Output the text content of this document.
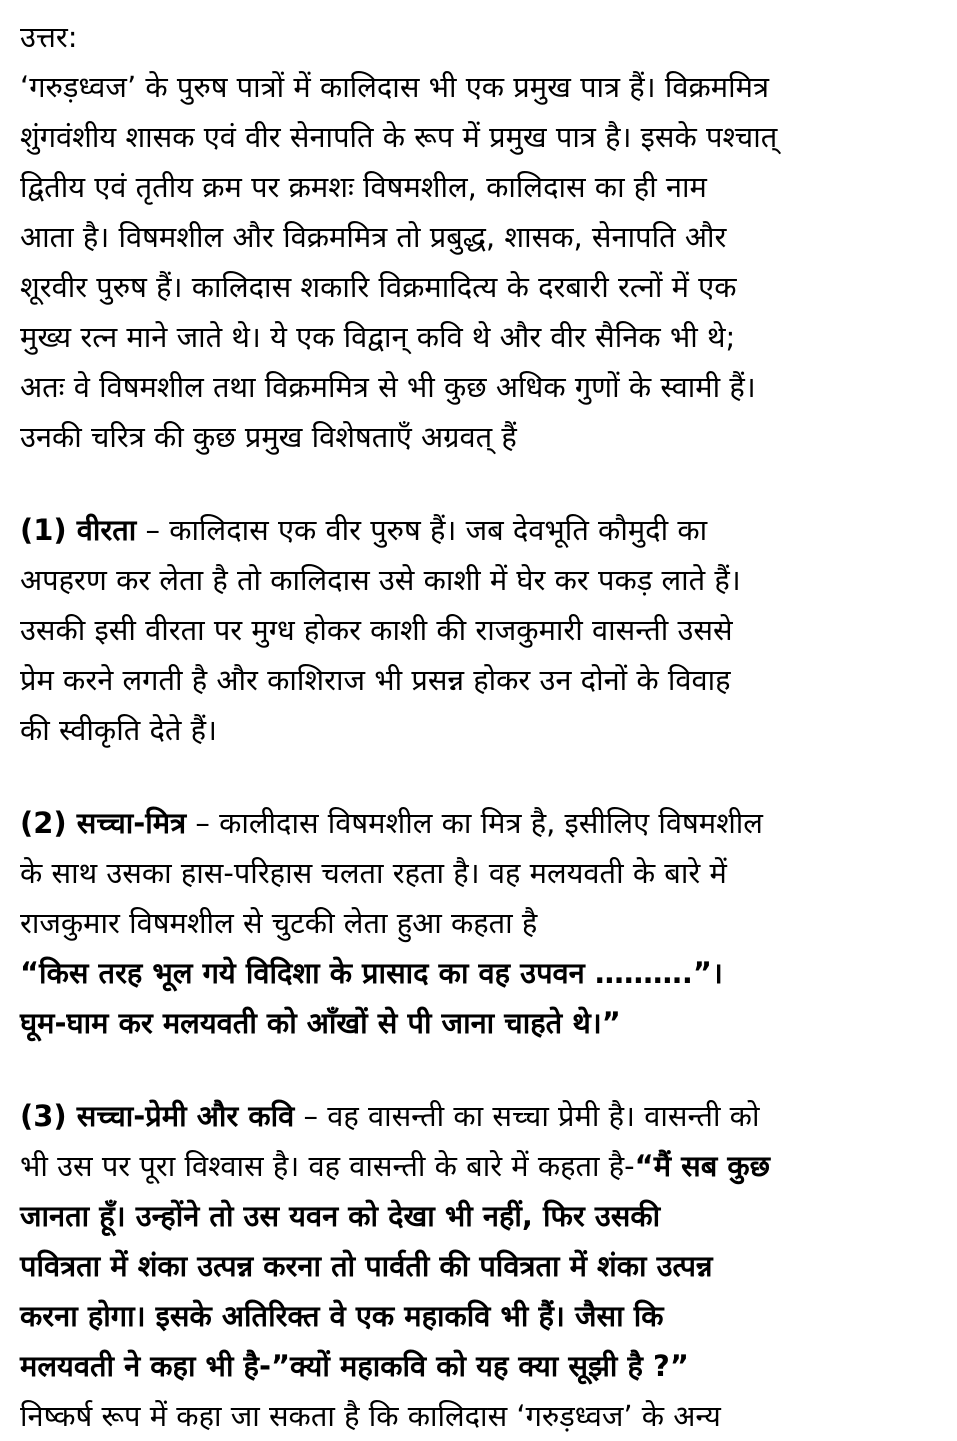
उत्तर:
‘गरुड़ध्वज’ के पुरुष पात्रों में कालिदास भी एक प्रमुख पात्र हैं। विक्रममित्र
शुंगवंशीय शासक एवं वीर सेनापति के रूप में प्रमुख पात्र है। इसके पश्चात्
द्वितीय एवं तृतीय क्रम पर क्रमशः विषमशील, कालिदास का ही नाम
आता है। विषमशील और विक्रममित्र तो प्रबुद्ध, शासक, सेनापति और
शूरवीर पुरुष हैं। कालिदास शकारि विक्रमादित्य के दरबारी रत्नों में एक
मुख्य रत्न माने जाते थे। ये एक विद्वान् कवि थे और वीर सैनिक भी थे;
अतः वे विषमशील तथा विक्रममित्र से भी कुछ अधिक गुणों के स्वामी हैं।
उनकी चरित्र की कुछ प्रमुख विशेषताएँ अग्रवत् हैं
(1) वीरता – कालिदास एक वीर पुरुष हैं। जब देवभूति कौमुदी का
अपहरण कर लेता है तो कालिदास उसे काशी में घेर कर पकड़ लाते हैं।
उसकी इसी वीरता पर मुग्ध होकर काशी की राजकुमारी वासन्ती उससे
प्रेम करने लगती है और काशिराज भी प्रसन्न होकर उन दोनों के विवाह
की स्वीकृति देते हैं।
(2) सच्चा-मित्र – कालीदास विषमशील का मित्र है, इसीलिए विषमशील
के साथ उसका हास-परिहास चलता रहता है। वह मलयवती के बारे में
राजकुमार विषमशील से चुटकी लेता हुआ कहता है
“किस तरह भूल गये विदिशा के प्रासाद का वह उपवन ……….”।
घूम-घाम कर मलयवती को आँखों से पी जाना चाहते थे।”
(3) सच्चा-प्रेमी और कवि – वह वासन्ती का सच्चा प्रेमी है। वासन्ती को
भी उस पर पूरा विश्वास है। वह वासन्ती के बारे में कहता है-“मैं सब कुछ
जानता हूँ। उन्होंने तो उस यवन को देखा भी नहीं, फिर उसकी
पवित्रता में शंका उत्पन्न करना तो पार्वती की पवित्रता में शंका उत्पन्न
करना होगा। इसके अतिरिक्त वे एक महाकवि भी हैं। जैसा कि
मलयवती ने कहा भी है-”क्यों महाकवि को यह क्या सूझी है ?”
निष्कर्ष रूप में कहा जा सकता है कि कालिदास ‘गरुड़ध्वज’ के अन्य
